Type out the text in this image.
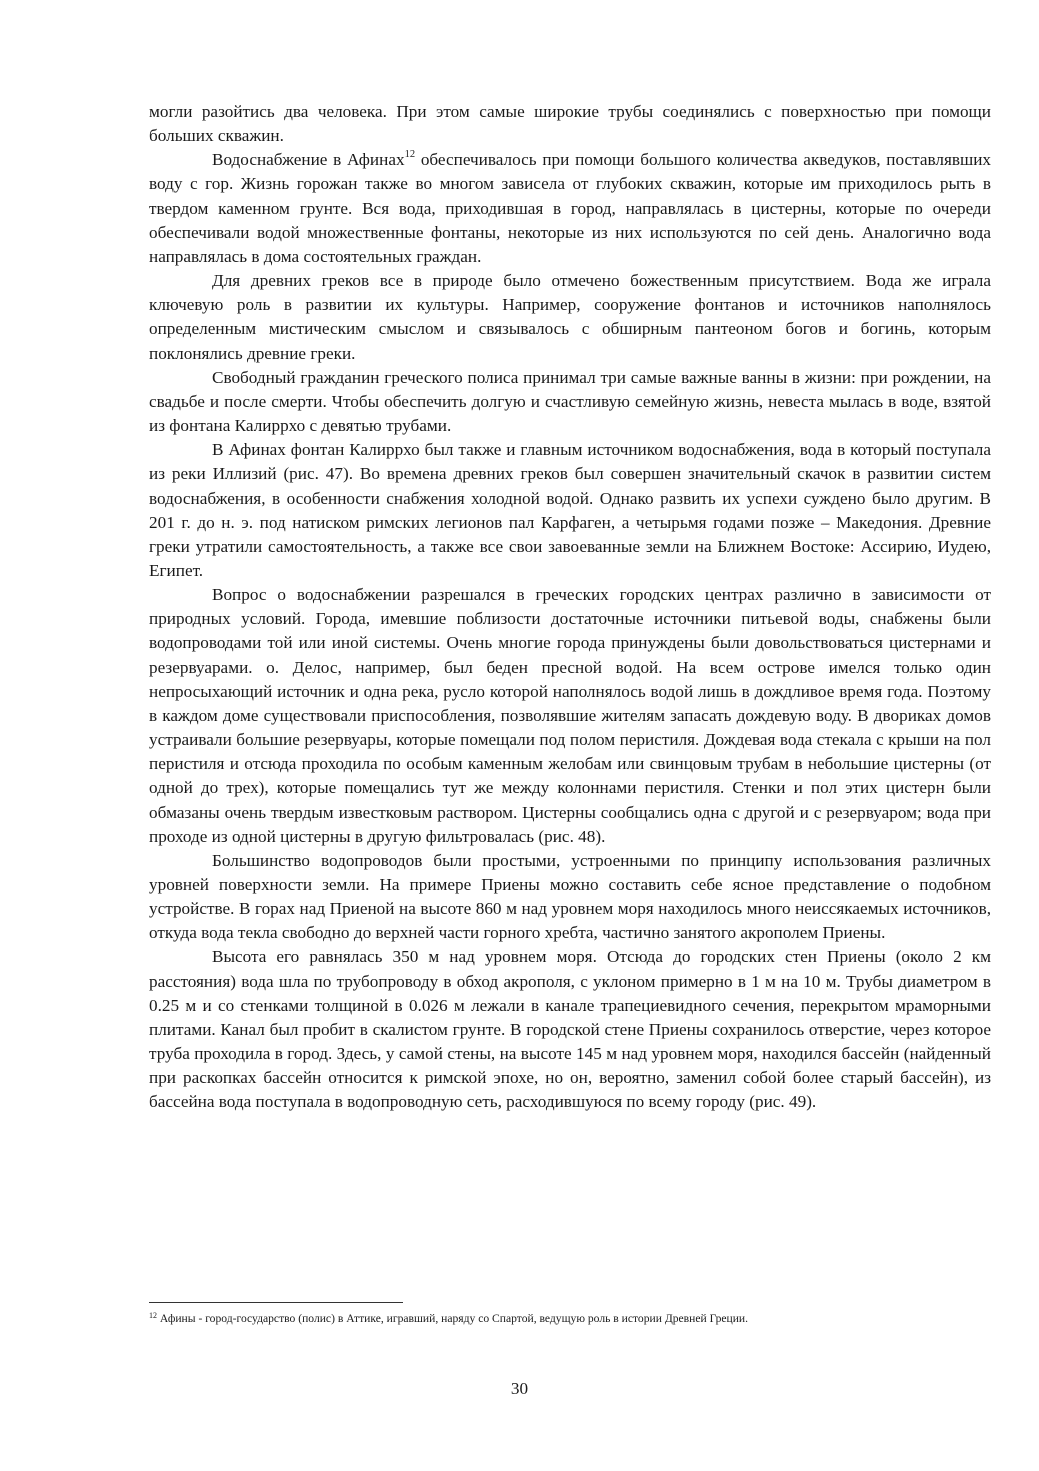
могли разойтись два человека. При этом самые широкие трубы соединялись с поверхностью при помощи больших скважин.

Водоснабжение в Афинах$^{12}$ обеспечивалось при помощи большого количества акведуков, поставлявших воду с гор. Жизнь горожан также во многом зависела от глубоких скважин, которые им приходилось рыть в твердом каменном грунте. Вся вода, приходившая в город, направлялась в цистерны, которые по очереди обеспечивали водой множественные фонтаны, некоторые из них используются по сей день. Аналогично вода направлялась в дома состоятельных граждан.

Для древних греков все в природе было отмечено божественным присутствием. Вода же играла ключевую роль в развитии их культуры. Например, сооружение фонтанов и источников наполнялось определенным мистическим смыслом и связывалось с обширным пантеоном богов и богинь, которым поклонялись древние греки.

Свободный гражданин греческого полиса принимал три самые важные ванны в жизни: при рождении, на свадьбе и после смерти. Чтобы обеспечить долгую и счастливую семейную жизнь, невеста мылась в воде, взятой из фонтана Калиррхо с девятью трубами.

В Афинах фонтан Калиррхо был также и главным источником водоснабжения, вода в который поступала из реки Иллизий (рис. 47). Во времена древних греков был совершен значительный скачок в развитии систем водоснабжения, в особенности снабжения холодной водой. Однако развить их успехи суждено было другим. В 201 г. до н. э. под натиском римских легионов пал Карфаген, а четырьмя годами позже – Македония. Древние греки утратили самостоятельность, а также все свои завоеванные земли на Ближнем Востоке: Ассирию, Иудею, Египет.

Вопрос о водоснабжении разрешался в греческих городских центрах различно в зависимости от природных условий. Города, имевшие поблизости достаточные источники питьевой воды, снабжены были водопроводами той или иной системы. Очень многие города принуждены были довольствоваться цистернами и резервуарами. о. Делос, например, был беден пресной водой. На всем острове имелся только один непросыхающий источник и одна река, русло которой наполнялось водой лишь в дождливое время года. Поэтому в каждом доме существовали приспособления, позволявшие жителям запасать дождевую воду. В двориках домов устраивали большие резервуары, которые помещали под полом перистиля. Дождевая вода стекала с крыши на пол перистиля и отсюда проходила по особым каменным желобам или свинцовым трубам в небольшие цистерны (от одной до трех), которые помещались тут же между колоннами перистиля. Стенки и пол этих цистерн были обмазаны очень твердым известковым раствором. Цистерны сообщались одна с другой и с резервуаром; вода при проходе из одной цистерны в другую фильтровалась (рис. 48).

Большинство водопроводов были простыми, устроенными по принципу использования различных уровней поверхности земли. На примере Приены можно составить себе ясное представление о подобном устройстве. В горах над Приеной на высоте 860 м над уровнем моря находилось много неиссякаемых источников, откуда вода текла свободно до верхней части горного хребта, частично занятого акрополем Приены.

Высота его равнялась 350 м над уровнем моря. Отсюда до городских стен Приены (около 2 км расстояния) вода шла по трубопроводу в обход акрополя, с уклоном примерно в 1 м на 10 м. Трубы диаметром в 0.25 м и со стенками толщиной в 0.026 м лежали в канале трапециевидного сечения, перекрытом мраморными плитами. Канал был пробит в скалистом грунте. В городской стене Приены сохранилось отверстие, через которое труба проходила в город. Здесь, у самой стены, на высоте 145 м над уровнем моря, находился бассейн (найденный при раскопках бассейн относится к римской эпохе, но он, вероятно, заменил собой более старый бассейн), из бассейна вода поступала в водопроводную сеть, расходившуюся по всему городу (рис. 49).

$^{12}$ Афины - город-государство (полис) в Аттике, игравший, наряду со Спартой, ведущую роль в истории Древней Греции.
30
